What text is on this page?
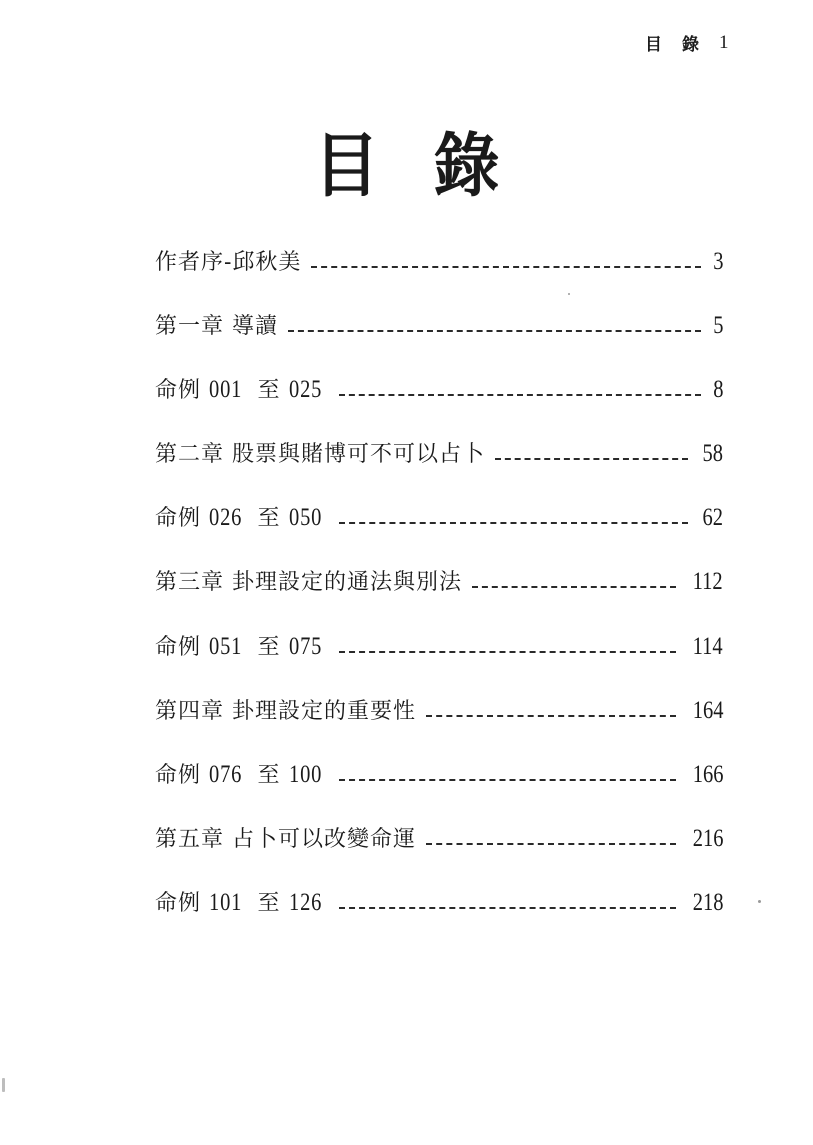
目 錄 1
目 錄
作者序-邱秋美	3
第一章 導讀	5
命例 001 至 025	8
第二章 股票與賭博可不可以占卜	58
命例 026 至 050	62
第三章 卦理設定的通法與別法	112
命例 051 至 075	114
第四章 卦理設定的重要性	164
命例 076 至 100	166
第五章 占卜可以改變命運	216
命例 101 至 126	218
